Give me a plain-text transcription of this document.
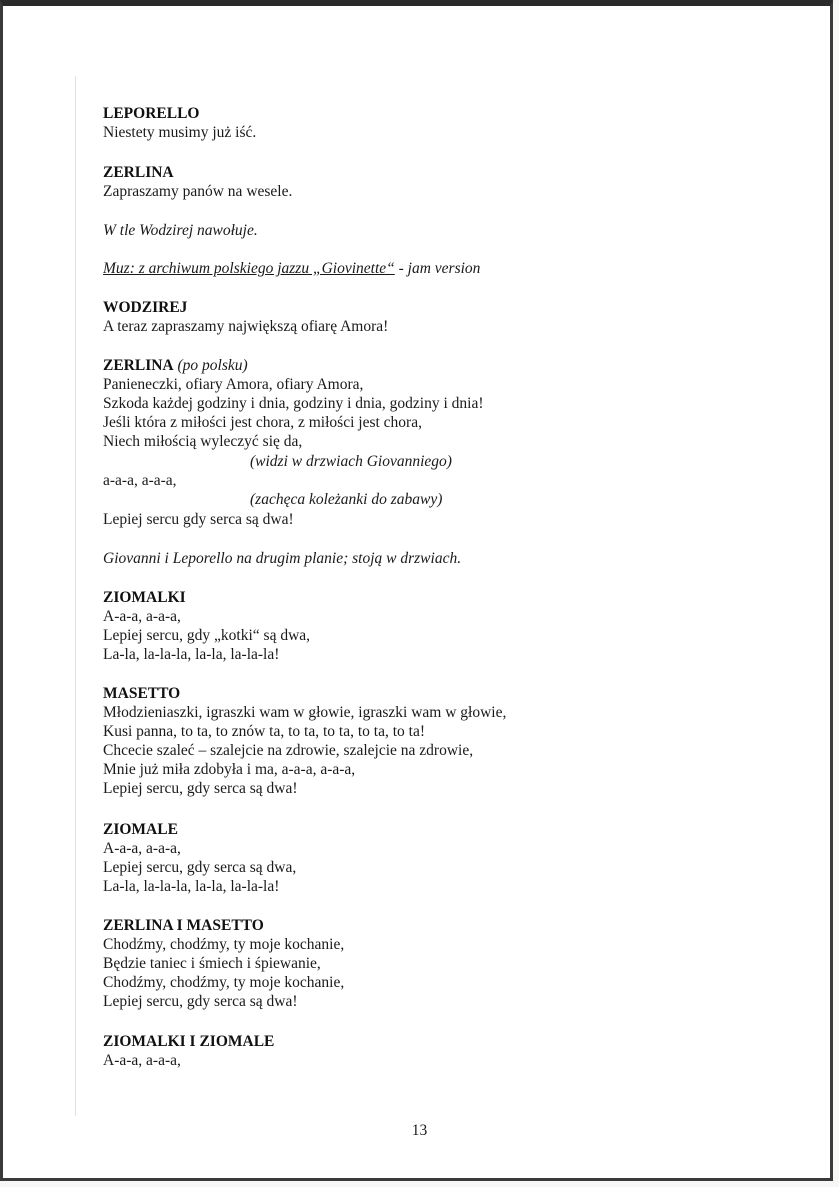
LEPORELLO
Niestety musimy już iść.
ZERLINA
Zapraszamy panów na wesele.
W tle Wodzirej nawołuje.
Muz: z archiwum polskiego jazzu „Giovinette“ - jam version
WODZIREJ
A teraz zapraszamy największą ofiarę Amora!
ZERLINA (po polsku)
Panieneczki, ofiary Amora, ofiary Amora,
Szkoda każdej godziny i dnia, godziny i dnia, godziny i dnia!
Jeśli która z miłości jest chora, z miłości jest chora,
Niech miłością wyleczyć się da,
(widzi w drzwiach Giovanniego)
a-a-a, a-a-a,
(zachęca koleżanki do zabawy)
Lepiej sercu gdy serca są dwa!
Giovanni i Leporello na drugim planie; stoją w drzwiach.
ZIOMALKI
A-a-a, a-a-a,
Lepiej sercu, gdy „kotki“ są dwa,
La-la, la-la-la, la-la, la-la-la!
MASETTO
Młodzieniaszki, igraszki wam w głowie, igraszki wam w głowie,
Kusi panna, to ta, to znów ta, to ta, to ta, to ta, to ta!
Chcecie szaleć – szalejcie na zdrowie, szalejcie na zdrowie,
Mnie już miła zdobyła i ma, a-a-a, a-a-a,
Lepiej sercu, gdy serca są dwa!
ZIOMALE
A-a-a, a-a-a,
Lepiej sercu, gdy serca są dwa,
La-la, la-la-la, la-la, la-la-la!
ZERLINA I MASETTO
Chodźmy, chodźmy, ty moje kochanie,
Będzie taniec i śmiech i śpiewanie,
Chodźmy, chodźmy, ty moje kochanie,
Lepiej sercu, gdy serca są dwa!
ZIOMALKI I ZIOMALE
A-a-a, a-a-a,
13
